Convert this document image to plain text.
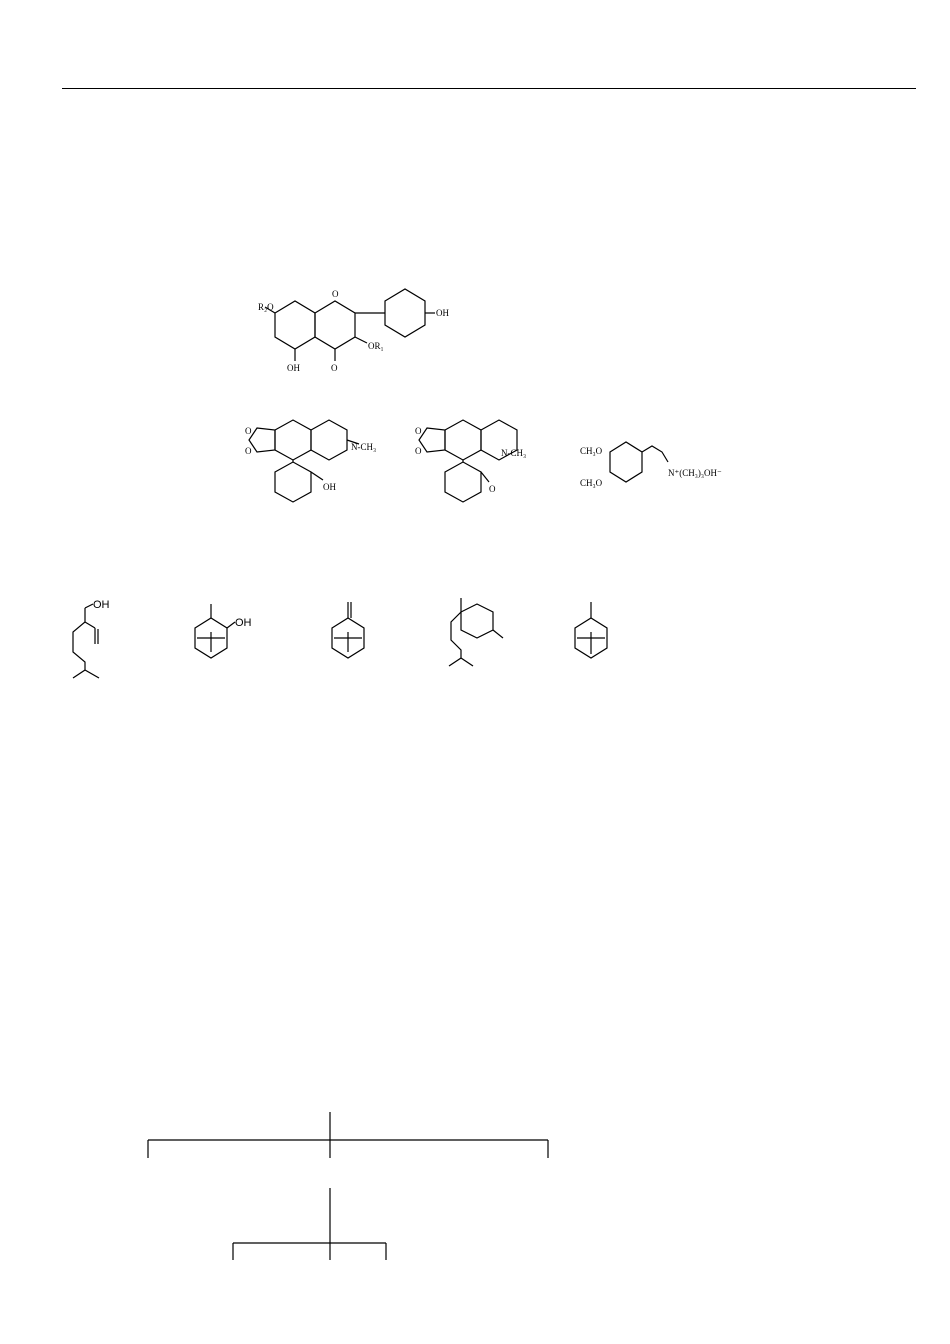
R₂O
OH
O
OH
OR₁
O
N-CH₃
OH
O
O	N-CH₃
O
O
O	CH₃O
CH₃O
N⁺(CH₃)₃OH⁻
OH
OH
